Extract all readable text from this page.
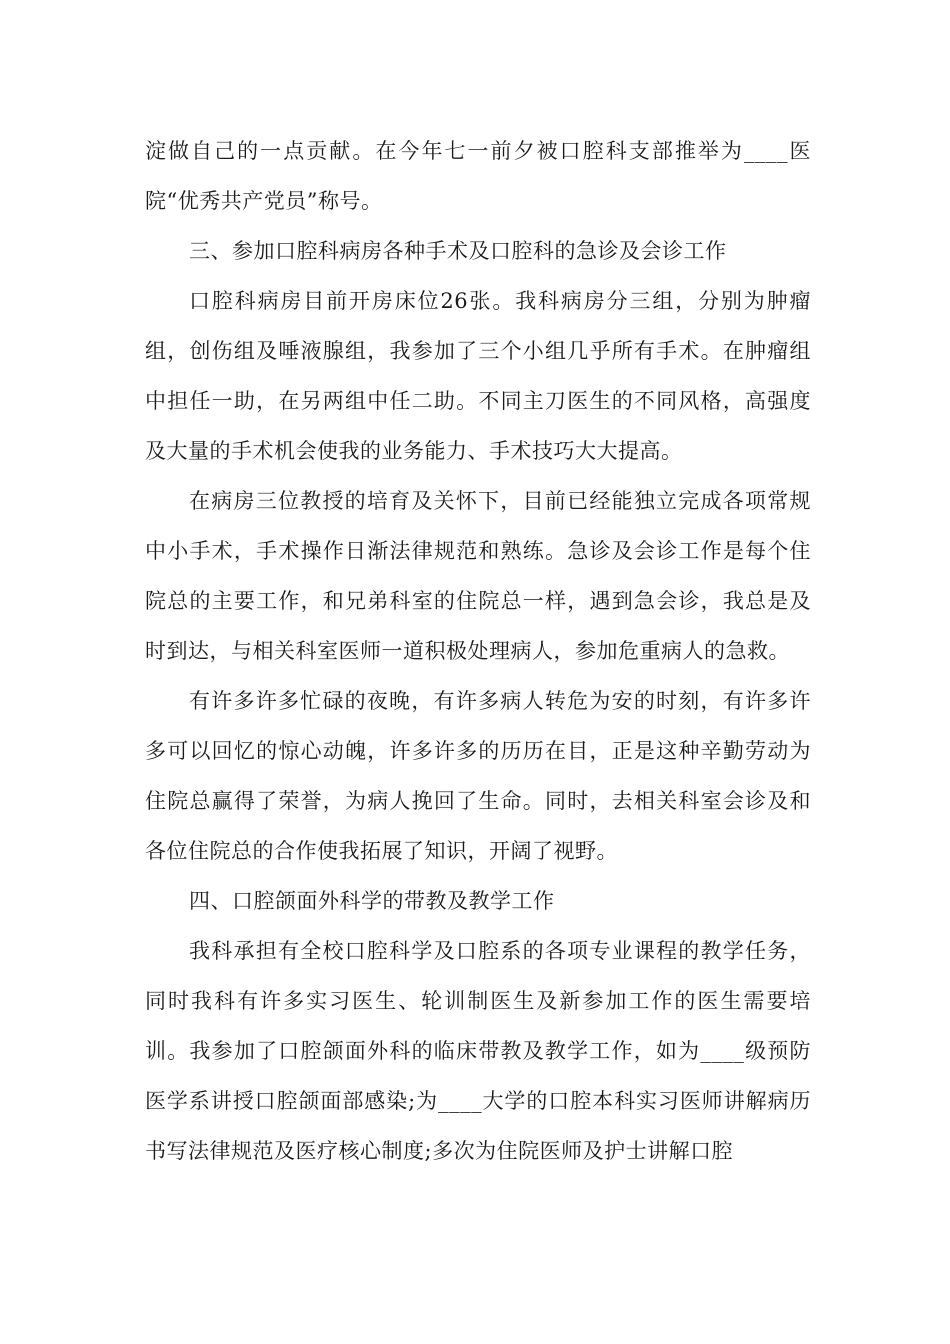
淀做自己的一点贡献。在今年七一前夕被口腔科支部推举为____医院“优秀共产党员”称号。

三、参加口腔科病房各种手术及口腔科的急诊及会诊工作

口腔科病房目前开房床位26张。我科病房分三组，分别为肿瘤组，创伤组及唾液腺组，我参加了三个小组几乎所有手术。在肿瘤组中担任一助，在另两组中任二助。不同主刀医生的不同风格，高强度及大量的手术机会使我的业务能力、手术技巧大大提高。

在病房三位教授的培育及关怀下，目前已经能独立完成各项常规中小手术，手术操作日渐法律规范和熟练。急诊及会诊工作是每个住院总的主要工作，和兄弟科室的住院总一样，遇到急会诊，我总是及时到达，与相关科室医师一道积极处理病人，参加危重病人的急救。

有许多许多忙碌的夜晚，有许多病人转危为安的时刻，有许多许多可以回忆的惊心动魄，许多许多的历历在目，正是这种辛勤劳动为住院总赢得了荣誉，为病人挽回了生命。同时，去相关科室会诊及和各位住院总的合作使我拓展了知识，开阔了视野。

四、口腔颌面外科学的带教及教学工作

我科承担有全校口腔科学及口腔系的各项专业课程的教学任务，同时我科有许多实习医生、轮训制医生及新参加工作的医生需要培训。我参加了口腔颌面外科的临床带教及教学工作，如为____级预防医学系讲授口腔颌面部感染;为____大学的口腔本科实习医师讲解病历书写法律规范及医疗核心制度;多次为住院医师及护士讲解口腔
